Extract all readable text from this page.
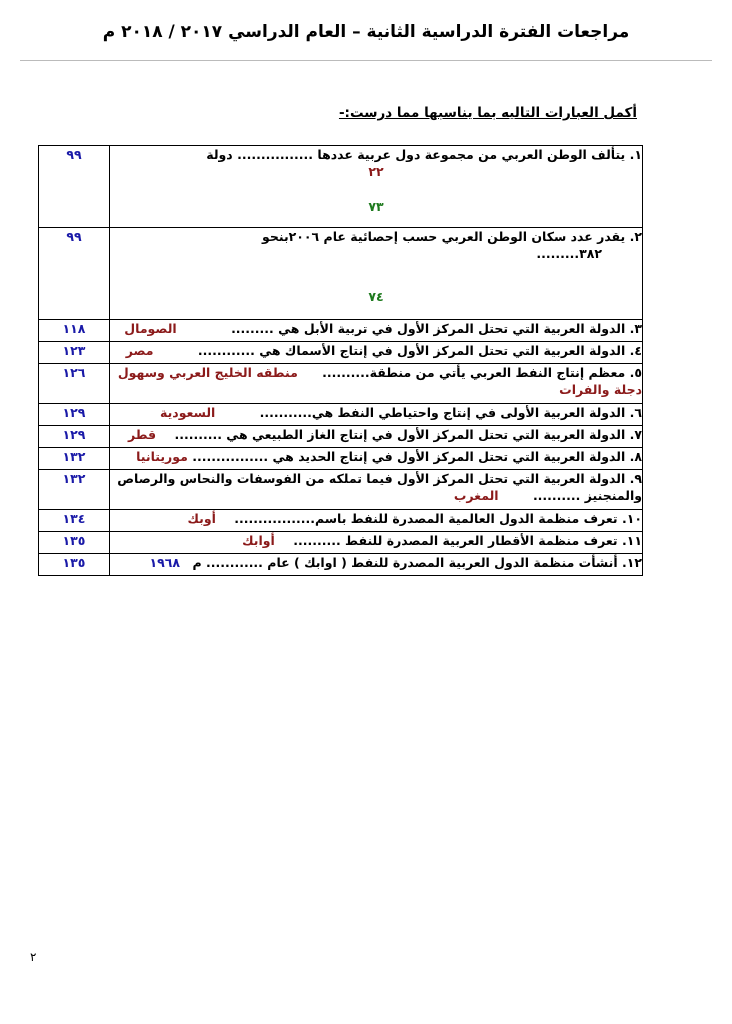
مراجعات الفترة الدراسية الثانية – العام الدراسي ٢٠١٧ / ٢٠١٨ م
أكمل العبارات التاليه بما يناسبها مما درست:-
١. يتألف الوطن العربي من مجموعة دول عربية عددها ................ دولة
٢٢
٧٣	٩٩

٢. يقدر عدد سكان الوطن العربي حسب إحصائية عام ٢٠٠٦بنحو
٣٨٢.........
٧٤	٩٩
٣. الدولة العربية التي تحتل المركز الأول في تربية الأبل هي ......... الصومال	١١٨
٤. الدولة العربية التي تحتل المركز الأول في إنتاج الأسماك هي ............ مصر	١٢٣
٥. معظم إنتاج النفط العربي يأتي من منطقة.......... منطقه الخليج العربي وسهول دجلة والفرات	١٢٦
٦. الدولة العربية الأولى في إنتاج واحتياطي النفط هي........... السعودية	١٢٩
٧. الدولة العربية التي تحتل المركز الأول في إنتاج الغاز الطبيعي هي .......... قطر	١٢٩
٨. الدولة العربية التي تحتل المركز الأول في إنتاج الحديد هي ................ موريتانيا	١٣٢
٩. الدولة العربية التي تحتل المركز الأول فيما تملكه من الفوسفات والنحاس والرصاص والمنجنيز .......... المغرب	١٣٢
١٠. تعرف منظمة الدول العالمية المصدرة للنفط باسم................. أوبك	١٣٤
١١. تعرف منظمة الأقطار العربية المصدرة للنفط .......... أوابك	١٣٥
١٢. أنشأت منظمة الدول العربية المصدرة للنفط ( اوابك ) عام ............ م ١٩٦٨	١٣٥
٢
